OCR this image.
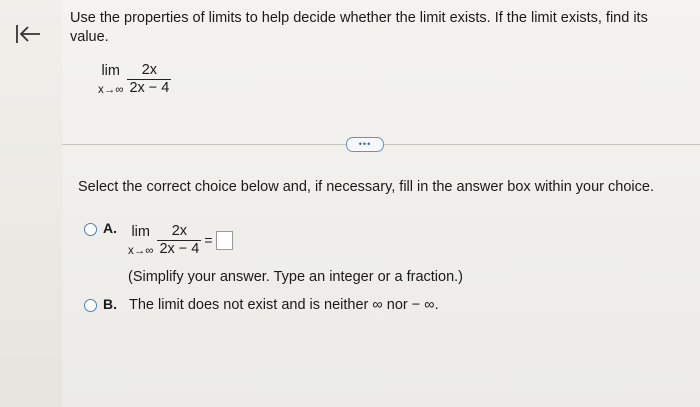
Use the properties of limits to help decide whether the limit exists. If the limit exists, find its value.
lim
$x\to\infty \frac{2x}{2x - 4}$
•••
Select the correct choice below and, if necessary, fill in the answer box within your choice.
A. lim
$x\to\infty \frac{2x}{2x - 4}$ =
(Simplify your answer. Type an integer or a fraction.)
B. The limit does not exist and is neither ∞ nor − ∞.
